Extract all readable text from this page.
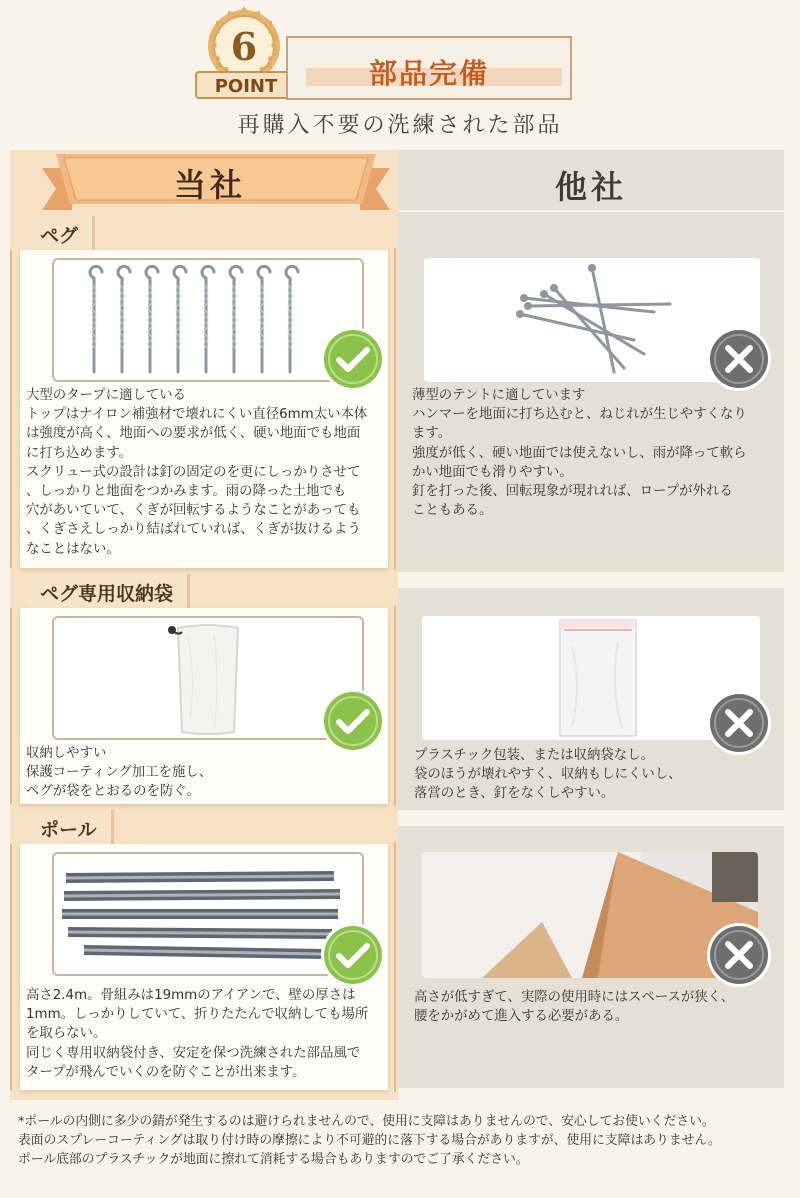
6
POINT	部品完備
再購入不要の洗練された部品
他社
当社
ペグ
大型のタープに適している
トップはナイロン補強材で壊れにくい直径6mm太い本体
は強度が高く、地面への要求が低く、硬い地面でも地面
に打ち込めます。
スクリュー式の設計は釘の固定のを更にしっかりさせて
、しっかりと地面をつかみます。雨の降った土地でも
穴があいていて、くぎが回転するようなことがあっても
、くぎさえしっかり結ばれていれば、くぎが抜けるよう
なことはない。
薄型のテントに適しています
ハンマーを地面に打ち込むと、ねじれが生じやすくなり
ます。
強度が低く、硬い地面では使えないし、雨が降って軟ら
かい地面でも滑りやすい。
釘を打った後、回転現象が現れれば、ロープが外れる
こともある。
ペグ専用収納袋
収納しやすい
保護コーティング加工を施し、
ペグが袋をとおるのを防ぐ。
プラスチック包装、または収納袋なし。
袋のほうが壊れやすく、収納もしにくいし、
落営のとき、釘をなくしやすい。
ポール
高さ2.4m。骨組みは19mmのアイアンで、壁の厚さは
1mm。しっかりしていて、折りたたんで収納しても場所
を取らない。
同じく専用収納袋付き、安定を保つ洗練された部品風で
タープが飛んでいくのを防ぐことが出来ます。
高さが低すぎて、実際の使用時にはスペースが狭く、
腰をかがめて進入する必要がある。
*ポールの内側に多少の錆が発生するのは避けられませんので、使用に支障はありませんので、安心してお使いください。
表面のスプレーコーティングは取り付け時の摩擦により不可避的に落下する場合がありますが、使用に支障はありません。
ポール底部のプラスチックが地面に擦れて消耗する場合もありますのでご了承ください。
